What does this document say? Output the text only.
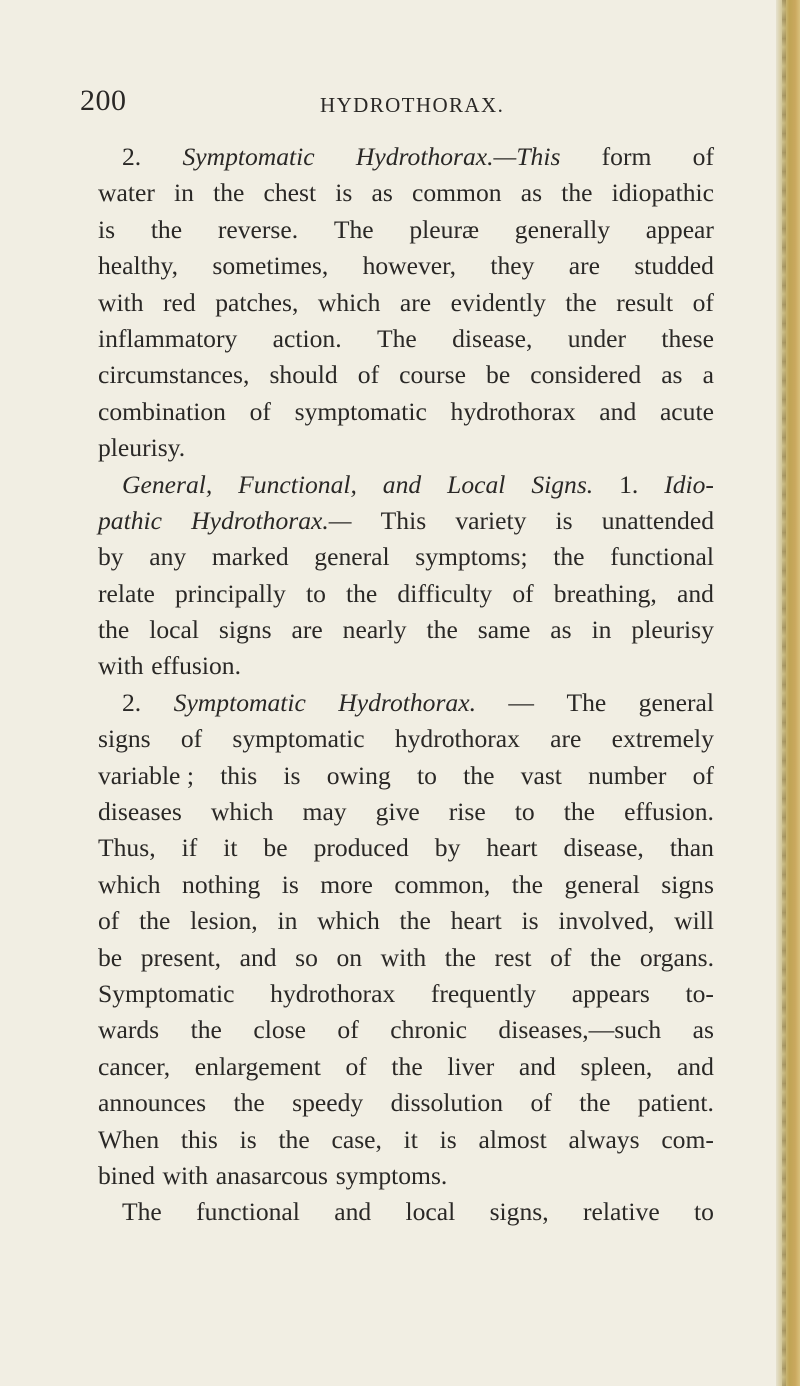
200	HYDROTHORAX.
2. Symptomatic Hydrothorax.—This form of
water in the chest is as common as the idiopathic
is the reverse. The pleuræ generally appear
healthy, sometimes, however, they are studded
with red patches, which are evidently the result of
inflammatory action. The disease, under these
circumstances, should of course be considered as a
combination of symptomatic hydrothorax and acute
pleurisy.
General, Functional, and Local Signs. 1. Idio-
pathic Hydrothorax.— This variety is unattended
by any marked general symptoms; the functional
relate principally to the difficulty of breathing, and
the local signs are nearly the same as in pleurisy
with effusion.
2. Symptomatic Hydrothorax. — The general
signs of symptomatic hydrothorax are extremely
variable ; this is owing to the vast number of
diseases which may give rise to the effusion.
Thus, if it be produced by heart disease, than
which nothing is more common, the general signs
of the lesion, in which the heart is involved, will
be present, and so on with the rest of the organs.
Symptomatic hydrothorax frequently appears to-
wards the close of chronic diseases,—such as
cancer, enlargement of the liver and spleen, and
announces the speedy dissolution of the patient.
When this is the case, it is almost always com-
bined with anasarcous symptoms.
The functional and local signs, relative to
